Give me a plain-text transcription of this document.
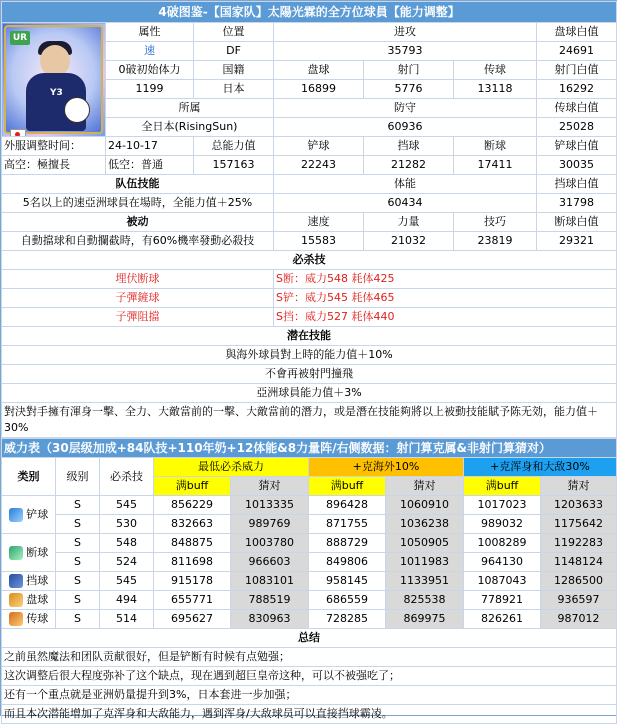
4破图鉴-【国家队】太陽光霖的全方位球員【能力调整】						

UR
Y3	属性	位置	进攻			盘球白值
	速	DF	35793			24691
	0破初始体力	国籍	盘球	射门	传球	射门白值
	1199	日本	16899	5776	13118	16292
	所属		防守			传球白值
	全日本(RisingSun)		60936			25028
外服调整时间：	24-10-17	总能力值	铲球	挡球	断球	铲球白值
高空：極擅長	低空：普通	157163	22243	21282	17411	30035
队伍技能			体能			挡球白值
5名以上的速亞洲球員在場時，全能力值＋25%			60434			31798
被动			速度	力量	技巧	断球白值
自動擋球和自動攔截時，有60%機率發動必殺技			15583	21032	23819	29321
必杀技						
埋伏断球			S断：威力548 耗体425			
子彈鏟球			S铲：威力545 耗体465			
子彈阻擋			S挡：威力527 耗体440			
潜在技能						
與海外球員對上時的能力值＋10%						
不會再被射門撞飛						
亞洲球員能力值＋3%						
對決對手擁有渾身一擊、全力、大敵當前的一擊、大敵當前的潛力，或是潛在技能夠將以上被動技能賦予陈无効，能力值＋30%						
威力表（30层级加成+84队技+110年奶+12体能&8力量阵/右侧数据：射门算克属&非射门算猜对）								
类别	级别	必杀技	最低必杀威力		+克海外10%		+克浑身和大敌30%	
			满buff	猜对	满buff	猜对	满buff	猜对
铲球	S	545	856229	1013335	896428	1060910	1017023	1203633
	S	530	832663	989769	871755	1036238	989032	1175642
断球	S	548	848875	1003780	888729	1050905	1008289	1192283
	S	524	811698	966603	849806	1011983	964130	1148124
挡球	S	545	915178	1083101	958145	1133951	1087043	1286500
盘球	S	494	655771	788519	686559	825538	778921	936597
传球	S	514	695627	830963	728285	869975	826261	987012
总结								
之前虽然魔法和团队贡献很好，但是铲断有时候有点勉强；								
这次调整后很大程度弥补了这个缺点，现在遇到超巨皇帝这种，可以不被强吃了；								
还有一个重点就是亚洲奶量提升到3%，日本套进一步加强；								
而且本次潜能增加了克浑身和大敌能力，遇到浑身/大敌球员可以直接挡球霸凌。								
